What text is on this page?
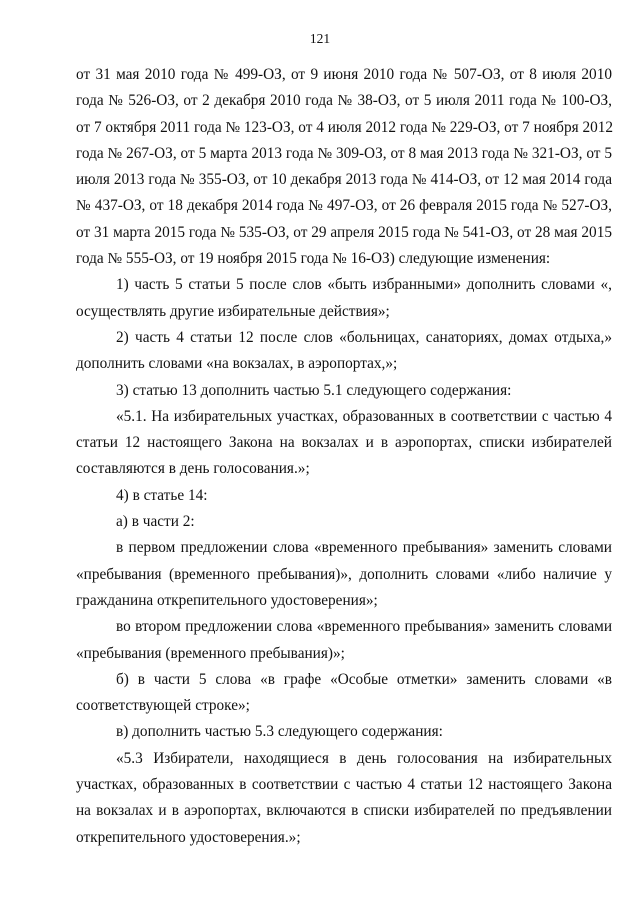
121
от 31 мая 2010 года № 499-ОЗ, от 9 июня 2010 года № 507-ОЗ, от 8 июля 2010
года № 526-ОЗ, от 2 декабря 2010 года № 38-ОЗ, от 5 июля 2011 года № 100-ОЗ,
от 7 октября 2011 года № 123-ОЗ, от 4 июля 2012 года № 229-ОЗ, от 7 ноября 2012
года № 267-ОЗ, от 5 марта 2013 года № 309-ОЗ, от 8 мая 2013 года № 321-ОЗ, от 5
июля 2013 года № 355-ОЗ, от 10 декабря 2013 года № 414-ОЗ, от 12 мая 2014 года
№ 437-ОЗ, от 18 декабря 2014 года № 497-ОЗ, от 26 февраля 2015 года № 527-ОЗ,
от 31 марта 2015 года № 535-ОЗ, от 29 апреля 2015 года № 541-ОЗ, от 28 мая 2015
года № 555-ОЗ, от 19 ноября 2015 года № 16-ОЗ) следующие изменения:
1) часть 5 статьи 5 после слов «быть избранными» дополнить словами «,
осуществлять другие избирательные действия»;
2) часть 4 статьи 12 после слов «больницах, санаториях, домах отдыха,»
дополнить словами «на вокзалах, в аэропортах,»;
3) статью 13 дополнить частью 5.1 следующего содержания:
«5.1. На избирательных участках, образованных в соответствии с частью 4
статьи 12 настоящего Закона на вокзалах и в аэропортах, списки избирателей
составляются в день голосования.»;
4) в статье 14:
а) в части 2:
в первом предложении слова «временного пребывания» заменить словами
«пребывания (временного пребывания)», дополнить словами «либо наличие у
гражданина открепительного удостоверения»;
во втором предложении слова «временного пребывания» заменить словами
«пребывания (временного пребывания)»;
б) в части 5 слова «в графе «Особые отметки» заменить словами «в
соответствующей строке»;
в) дополнить частью 5.3 следующего содержания:
«5.3 Избиратели, находящиеся в день голосования на избирательных
участках, образованных в соответствии с частью 4 статьи 12 настоящего Закона
на вокзалах и в аэропортах, включаются в списки избирателей по предъявлении
открепительного удостоверения.»;
